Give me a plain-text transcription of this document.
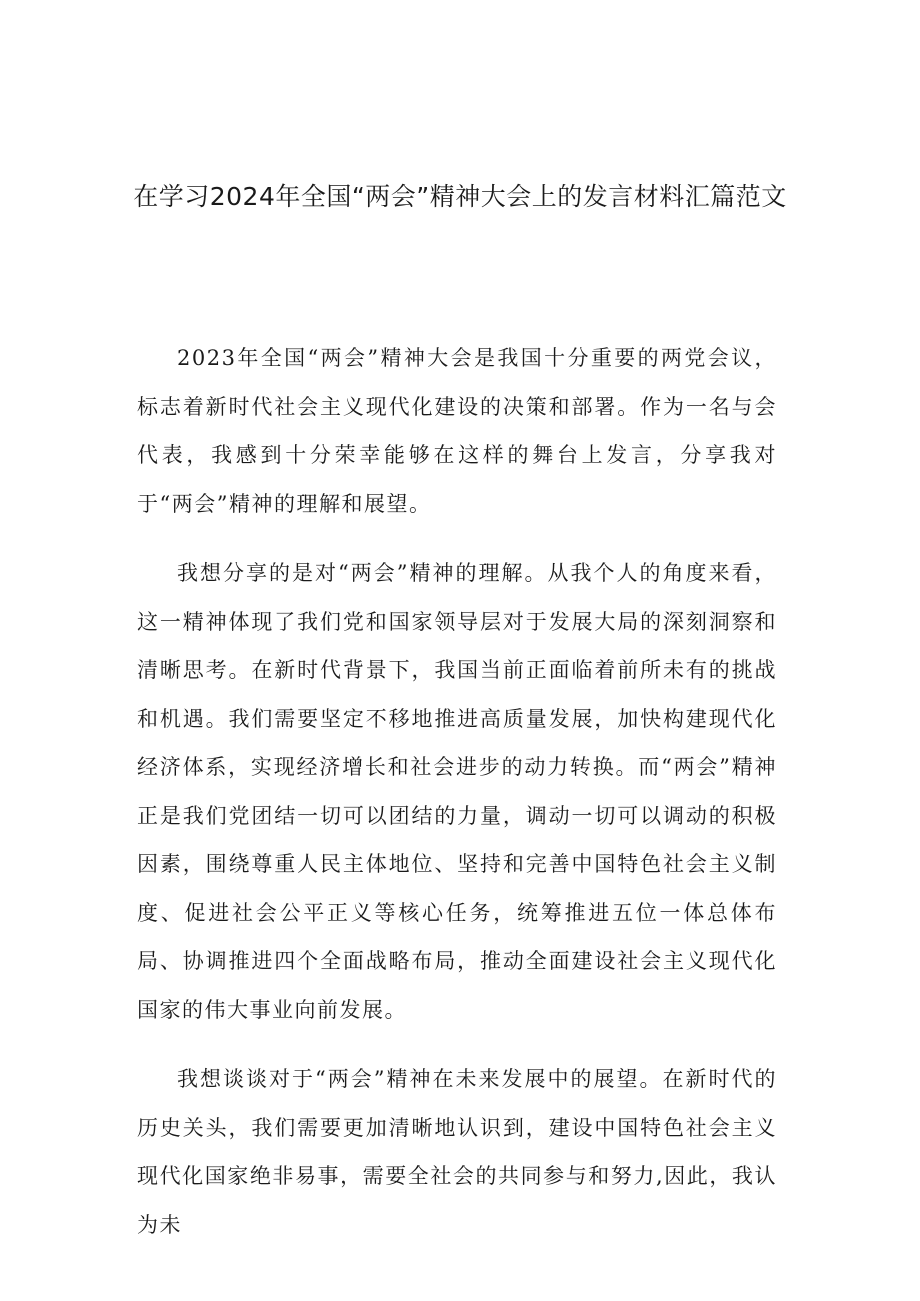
在学习2024年全国“两会”精神大会上的发言材料汇篇范文

2023年全国“两会”精神大会是我国十分重要的两党会议，标志着新时代社会主义现代化建设的决策和部署。作为一名与会代表，我感到十分荣幸能够在这样的舞台上发言，分享我对于“两会”精神的理解和展望。

我想分享的是对“两会”精神的理解。从我个人的角度来看，这一精神体现了我们党和国家领导层对于发展大局的深刻洞察和清晰思考。在新时代背景下，我国当前正面临着前所未有的挑战和机遇。我们需要坚定不移地推进高质量发展，加快构建现代化经济体系，实现经济增长和社会进步的动力转换。而“两会”精神正是我们党团结一切可以团结的力量，调动一切可以调动的积极因素，围绕尊重人民主体地位、坚持和完善中国特色社会主义制度、促进社会公平正义等核心任务，统筹推进五位一体总体布局、协调推进四个全面战略布局，推动全面建设社会主义现代化国家的伟大事业向前发展。

我想谈谈对于“两会”精神在未来发展中的展望。在新时代的历史关头，我们需要更加清晰地认识到，建设中国特色社会主义现代化国家绝非易事，需要全社会的共同参与和努力,因此，我认为未
